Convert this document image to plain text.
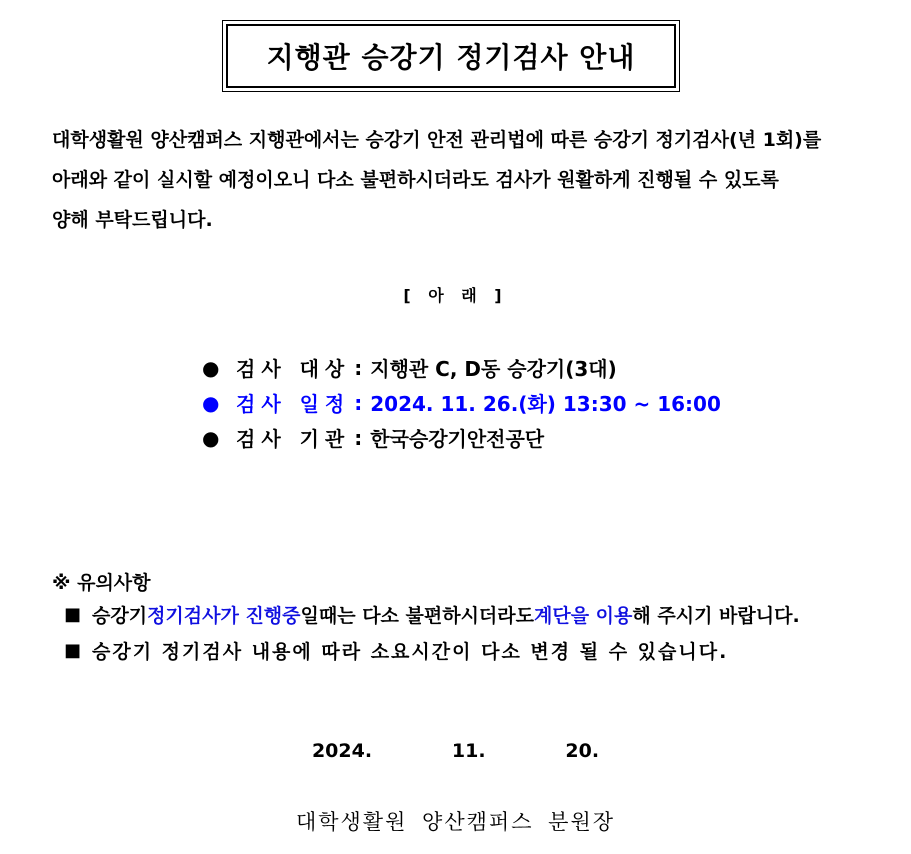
지행관 승강기 정기검사 안내

대학생활원 양산캠퍼스 지행관에서는 승강기 안전 관리법에 따른 승강기 정기검사(년 1회)를

아래와 같이 실시할 예정이오니 다소 불편하시더라도 검사가 원활하게 진행될 수 있도록

양해 부탁드립니다.

[ 아 래 ]
● 검사 대상 : 지행관 C, D동 승강기(3대)
● 검사 일정 : 2024. 11. 26.(화) 13:30 ~ 16:00
● 검사 기관 : 한국승강기안전공단
※ 유의사항
■ 승강기 정기검사가 진행중 일때는 다소 불편하시더라도 계단을 이용 해 주시기 바랍니다.
■ 승강기 정기검사 내용에 따라 소요시간이 다소 변경 될 수 있습니다.
2024.   11.   20.
대학생활원 양산캠퍼스 분원장
